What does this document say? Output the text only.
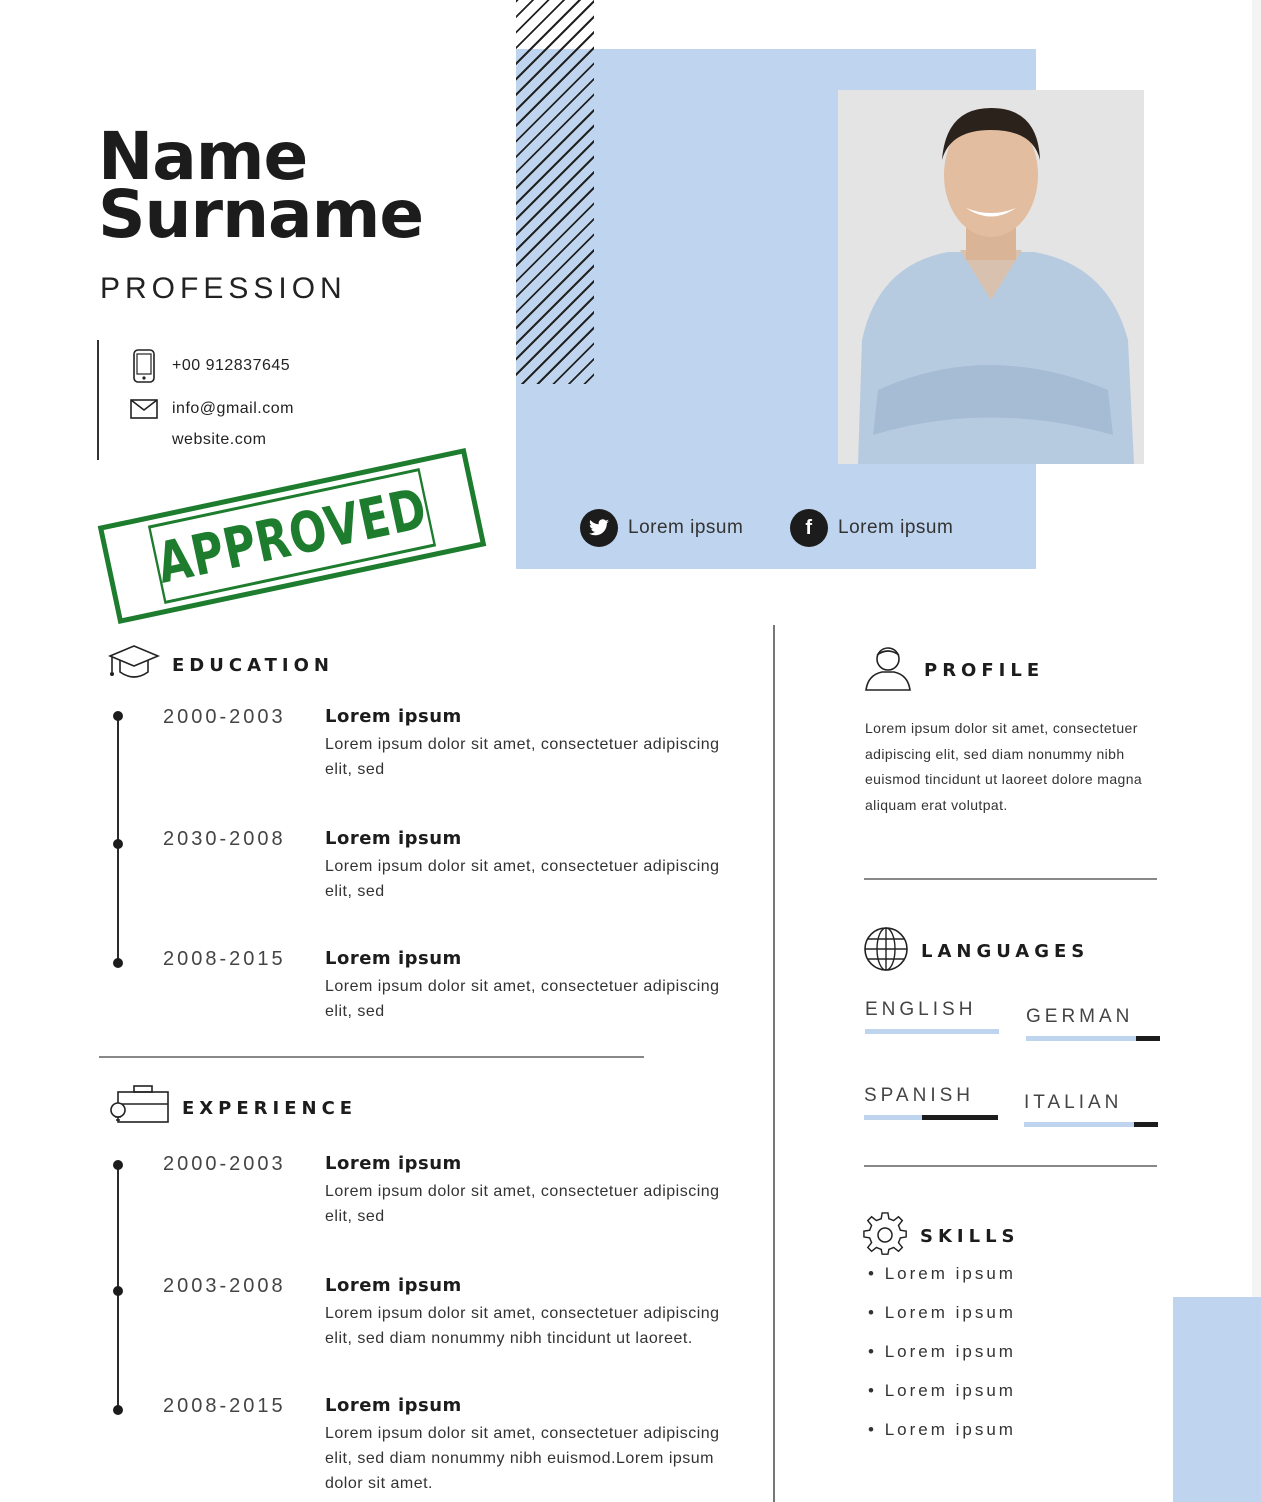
Name
Surname
PROFESSION
+00 912837645
info@gmail.com
website.com
Lorem ipsum	f	Lorem ipsum
APPROVED
EDUCATION
2000-2003 Lorem ipsum
Lorem ipsum dolor sit amet, consectetuer adipiscing elit, sed
2030-2008 Lorem ipsum
Lorem ipsum dolor sit amet, consectetuer adipiscing elit, sed
2008-2015 Lorem ipsum
Lorem ipsum dolor sit amet, consectetuer adipiscing elit, sed
EXPERIENCE
2000-2003 Lorem ipsum
Lorem ipsum dolor sit amet, consectetuer adipiscing elit, sed
2003-2008 Lorem ipsum
Lorem ipsum dolor sit amet, consectetuer adipiscing elit, sed diam nonummy nibh tincidunt ut laoreet.
2008-2015 Lorem ipsum
Lorem ipsum dolor sit amet, consectetuer adipiscing elit, sed diam nonummy nibh euismod.Lorem ipsum dolor sit amet.
PROFILE
Lorem ipsum dolor sit amet, consectetuer adipiscing elit, sed diam nonummy nibh euismod tincidunt ut laoreet dolore magna aliquam erat volutpat.
LANGUAGES
ENGLISH	GERMAN
SPANISH	ITALIAN
SKILLS
• Lorem ipsum
• Lorem ipsum
• Lorem ipsum
• Lorem ipsum
• Lorem ipsum
